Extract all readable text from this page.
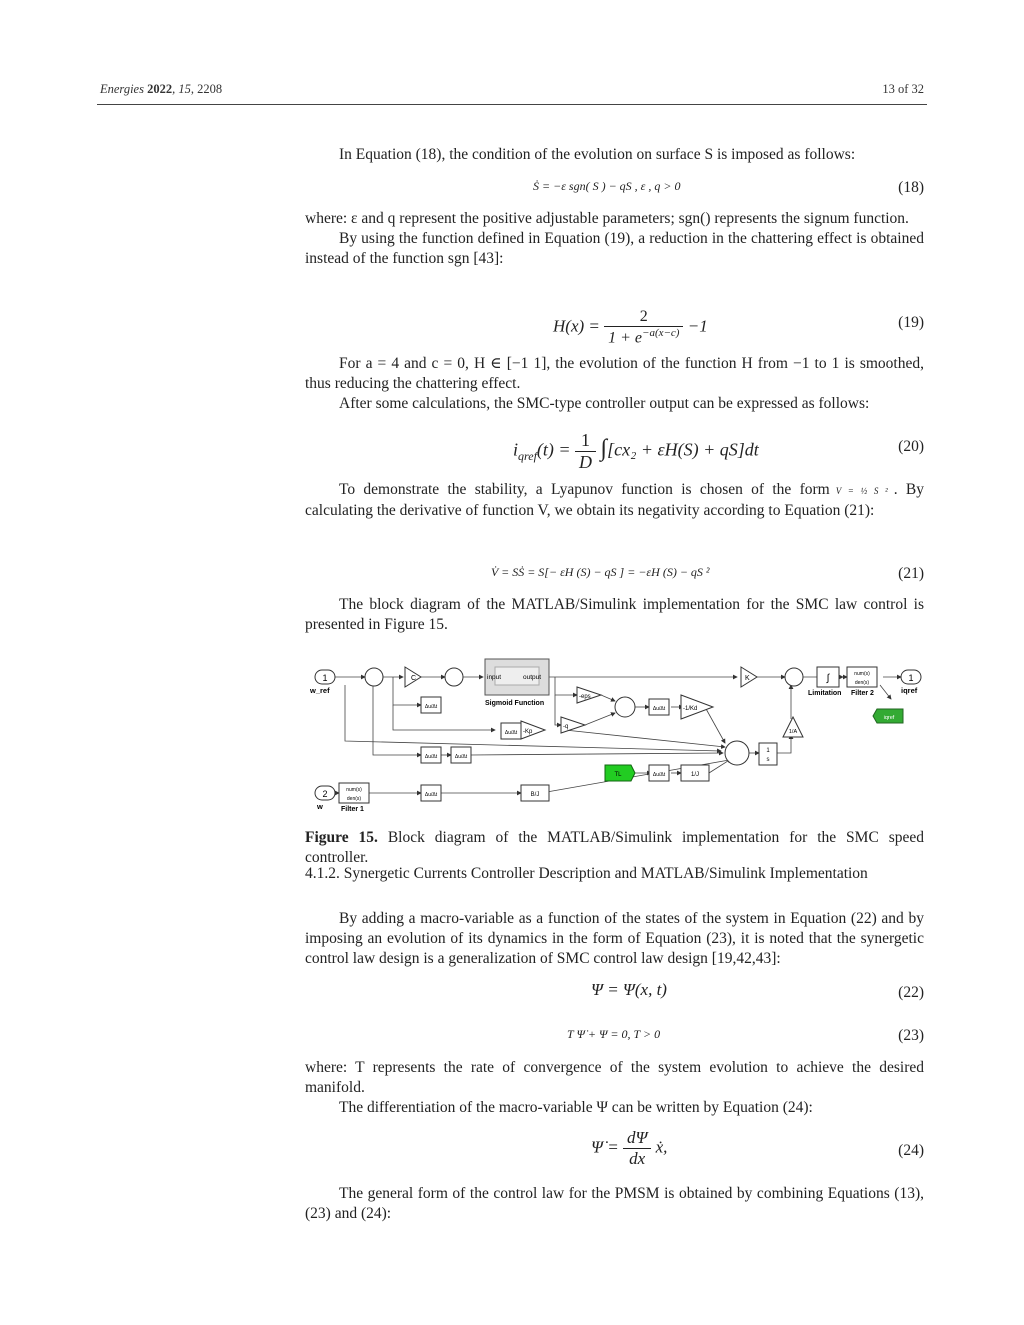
Energies 2022, 15, 2208	13 of 32

In Equation (18), the condition of the evolution on surface S is imposed as follows:

Ṡ = −ε sgn( S ) − qS , ε , q > 0	(18)

where: ε and q represent the positive adjustable parameters; sgn() represents the signum function.

By using the function defined in Equation (19), a reduction in the chattering effect is obtained instead of the function sgn [43]:

$H(x) = \frac{2}{1 + e^{-a(x-c)}} -1$	(19)

For a = 4 and c = 0, H ∈ [−1 1], the evolution of the function H from −1 to 1 is smoothed, thus reducing the chattering effect.

After some calculations, the SMC-type controller output can be expressed as follows:

$i_{qref}(t) = \frac{1}{D} \int[cx_2 + \varepsilon H(S) + qS]dt$	(20)

To demonstrate the stability, a Lyapunov function is chosen of the form V = ½ S ² . By calculating the derivative of function V, we obtain its negativity according to Equation (21):

V̇ = SṠ = S[− εH (S) − qS ] = −εH (S) − qS ²	(21)

The block diagram of the MATLAB/Simulink implementation for the SMC law control is presented in Figure 15.

1
w_ref
C	input	output
Sigmoid Function
-eps
-q
Δu/Δt	Δu/Δt
Δu/Δt
Δu/Δt	Δu/Δt
Δu/Δt
Δu/Δt
-Kp
-1/Kd
K
1/A
∫
Limitation
num(s)
den(s)
Filter 2
1
iqref
iqref
1
s
TL	1/J
B/J
2
w
num(s)
den(s)
Filter 1

Figure 15. Block diagram of the MATLAB/Simulink implementation for the SMC speed controller.

4.1.2. Synergetic Currents Controller Description and MATLAB/Simulink Implementation

By adding a macro-variable as a function of the states of the system in Equation (22) and by imposing an evolution of its dynamics in the form of Equation (23), it is noted that the synergetic control law design is a generalization of SMC control law design [19,42,43]:

Ψ = Ψ(x, t)	(22)
T Ψ̇ + Ψ = 0, T > 0	(23)

where: T represents the rate of convergence of the system evolution to achieve the desired manifold.

The differentiation of the macro-variable Ψ can be written by Equation (24):

Ψ̇ = $\frac{d\Psi}{dx}$ ẋ,	(24)

The general form of the control law for the PMSM is obtained by combining Equations (13), (23) and (24):
